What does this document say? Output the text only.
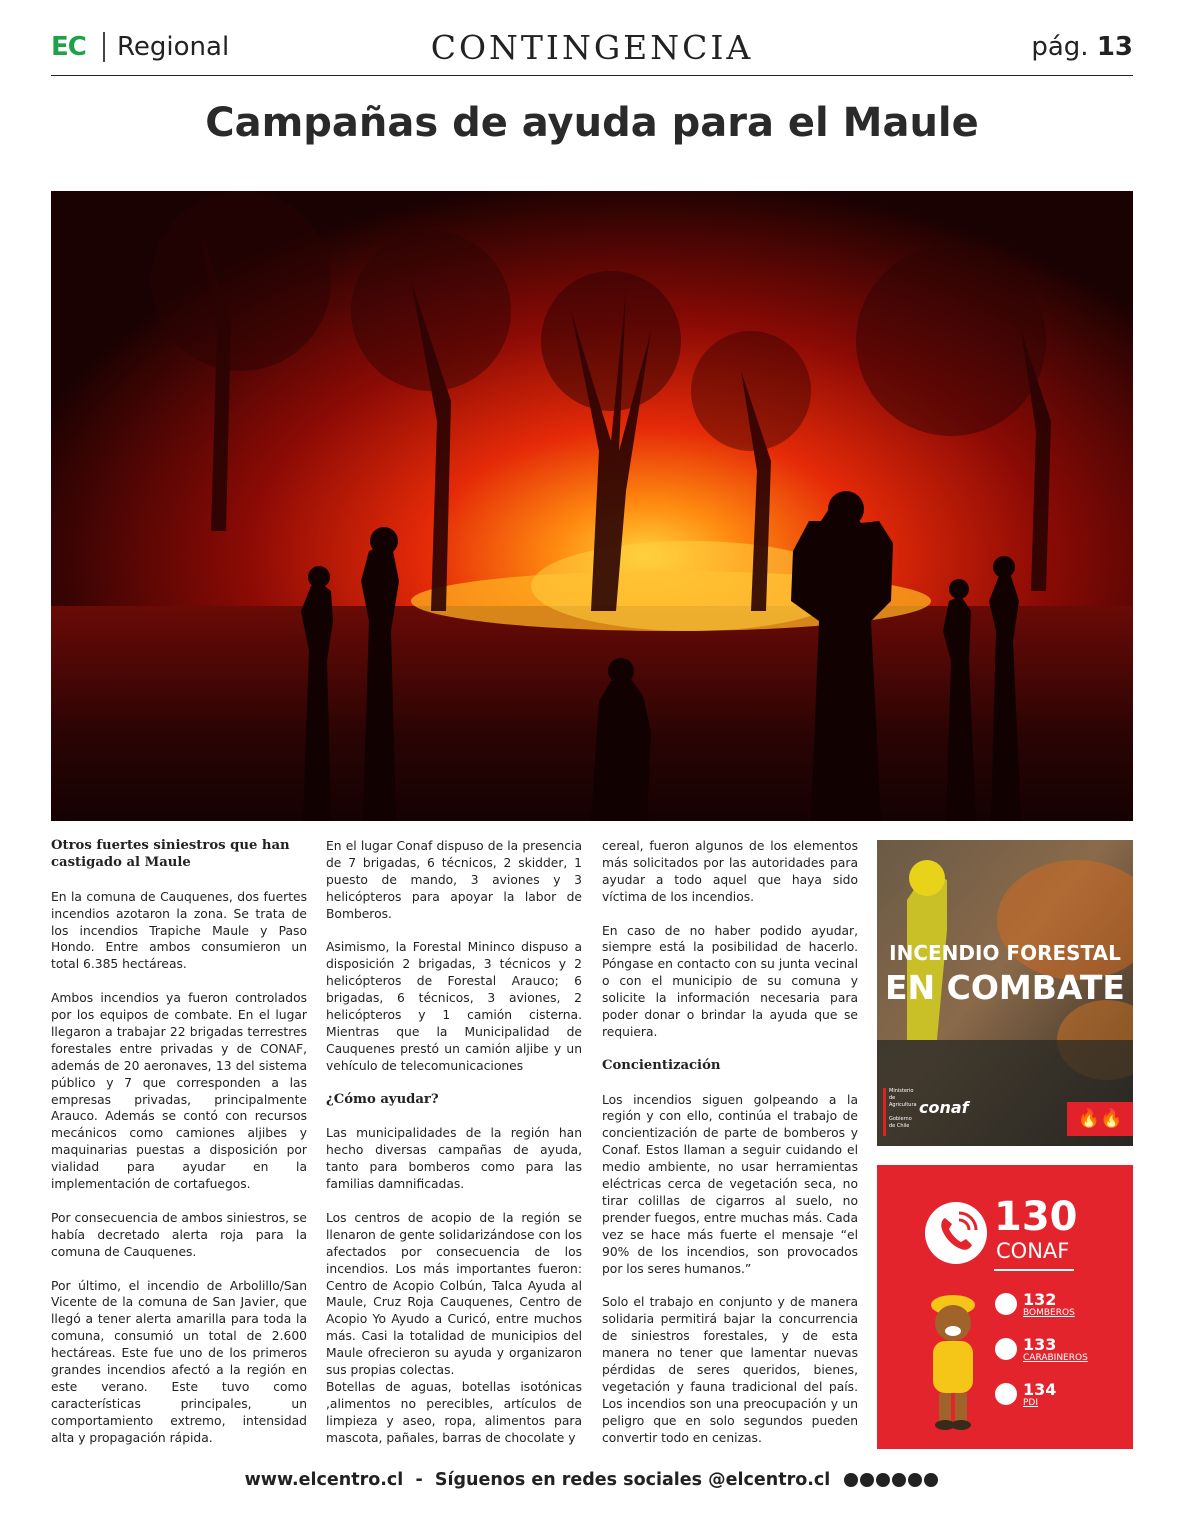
EC Regional	CONTINGENCIA	pág. 13
Campañas de ayuda para el Maule
Otros fuertes siniestros que han castigado al Maule

En la comuna de Cauquenes, dos fuertes incendios azotaron la zona. Se trata de los incendios Trapiche Maule y Paso Hondo. Entre ambos consumieron un total 6.385 hectáreas.

Ambos incendios ya fueron controlados por los equipos de combate. En el lugar llegaron a trabajar 22 brigadas terrestres forestales entre privadas y de CONAF, además de 20 aeronaves, 13 del sistema público y 7 que corresponden a las empresas privadas, principalmente Arauco. Además se contó con recursos mecánicos como camiones aljibes y maquinarias puestas a disposición por vialidad para ayudar en la implementación de cortafuegos.

Por consecuencia de ambos siniestros, se había decretado alerta roja para la comuna de Cauquenes.

Por último, el incendio de Arbolillo/San Vicente de la comuna de San Javier, que llegó a tener alerta amarilla para toda la comuna, consumió un total de 2.600 hectáreas. Este fue uno de los primeros grandes incendios afectó a la región en este verano. Este tuvo como características principales, un comportamiento extremo, intensidad alta y propagación rápida.

En el lugar Conaf dispuso de la presencia de 7 brigadas, 6 técnicos, 2 skidder, 1 puesto de mando, 3 aviones y 3 helicópteros para apoyar la labor de Bomberos.

Asimismo, la Forestal Mininco dispuso a disposición 2 brigadas, 3 técnicos y 2 helicópteros de Forestal Arauco; 6 brigadas, 6 técnicos, 3 aviones, 2 helicópteros y 1 camión cisterna. Mientras que la Municipalidad de Cauquenes prestó un camión aljibe y un vehículo de telecomunicaciones

¿Cómo ayudar?

Las municipalidades de la región han hecho diversas campañas de ayuda, tanto para bomberos como para las familias damnificadas.

Los centros de acopio de la región se llenaron de gente solidarizándose con los afectados por consecuencia de los incendios. Los más importantes fueron: Centro de Acopio Colbún, Talca Ayuda al Maule, Cruz Roja Cauquenes, Centro de Acopio Yo Ayudo a Curicó, entre muchos más. Casi la totalidad de municipios del Maule ofrecieron su ayuda y organizaron sus propias colectas.

Botellas de aguas, botellas isotónicas ,alimentos no perecibles, artículos de limpieza y aseo, ropa, alimentos para mascota, pañales, barras de chocolate y

cereal, fueron algunos de los elementos más solicitados por las autoridades para ayudar a todo aquel que haya sido víctima de los incendios.

En caso de no haber podido ayudar, siempre está la posibilidad de hacerlo. Póngase en contacto con su junta vecinal o con el municipio de su comuna y solicite la información necesaria para poder donar o brindar la ayuda que se requiera.

Concientización

Los incendios siguen golpeando a la región y con ello, continúa el trabajo de concientización de parte de bomberos y Conaf. Estos llaman a seguir cuidando el medio ambiente, no usar herramientas eléctricas cerca de vegetación seca, no tirar colillas de cigarros al suelo, no prender fuegos, entre muchas más. Cada vez se hace más fuerte el mensaje “el 90% de los incendios, son provocados por los seres humanos.”

Solo el trabajo en conjunto y de manera solidaria permitirá bajar la concurrencia de siniestros forestales, y de esta manera no tener que lamentar nuevas pérdidas de seres queridos, bienes, vegetación y fauna tradicional del país. Los incendios son una preocupación y un peligro que en solo segundos pueden convertir todo en cenizas.

INCENDIO FORESTAL
EN COMBATE
Ministerio de Agricultura

Gobierno de Chile
conaf
🔥🔥
130
CONAF
132
BOMBEROS
133
CARABINEROS
134
PDI
www.elcentro.cl  -  Síguenos en redes sociales @elcentro.cl
